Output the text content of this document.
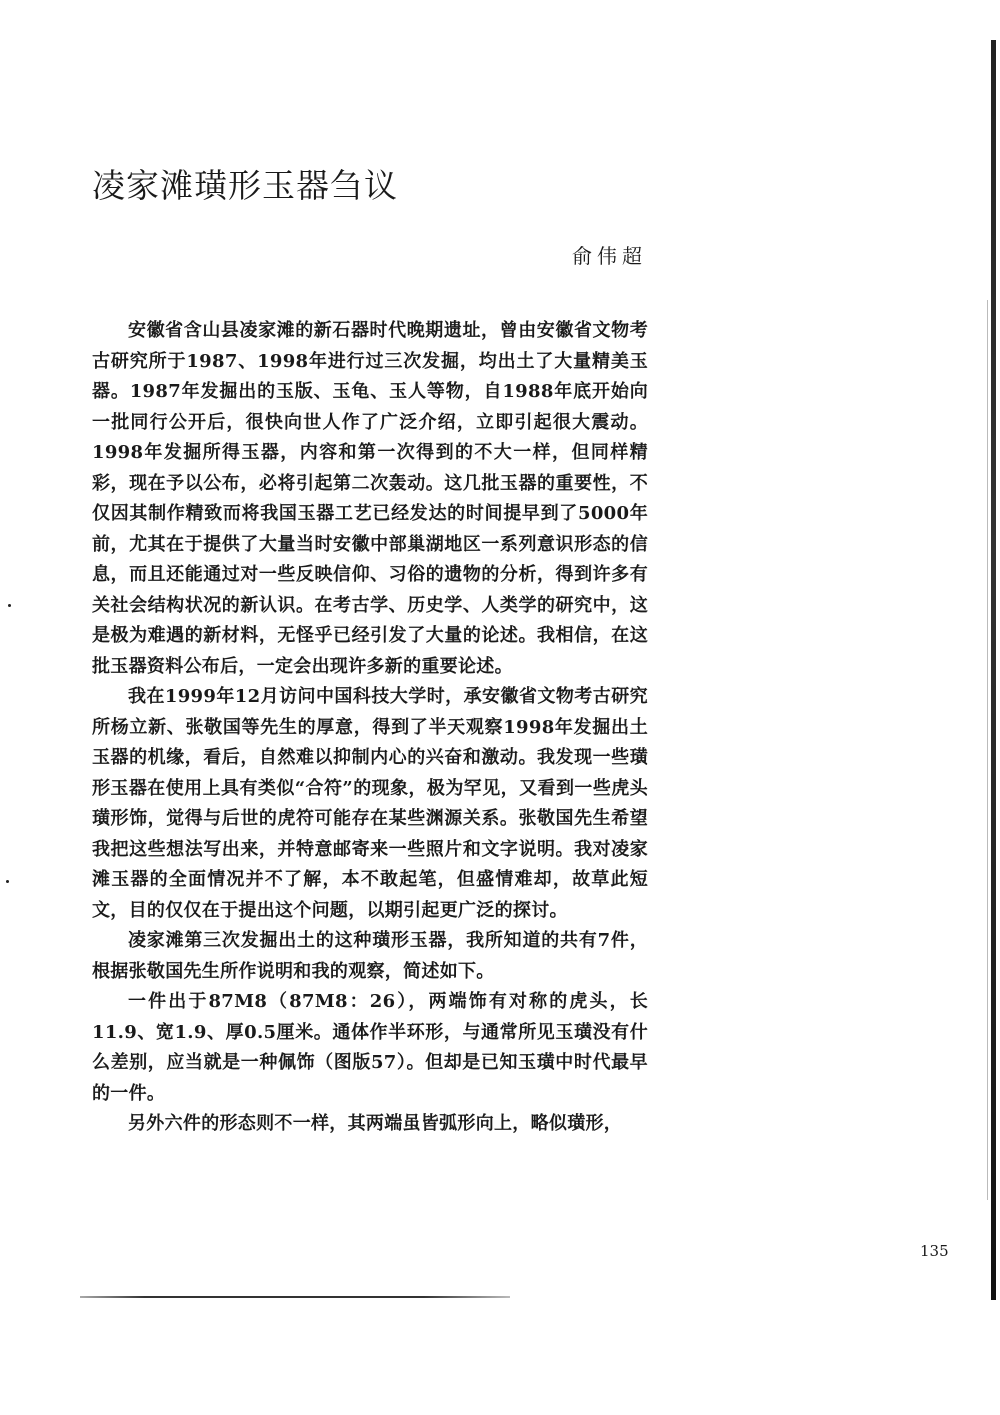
凌家滩璜形玉器刍议
俞伟超

安徽省含山县凌家滩的新石器时代晚期遗址，曾由安徽省文物考古研究所于1987、1998年进行过三次发掘，均出土了大量精美玉器。1987年发掘出的玉版、玉龟、玉人等物，自1988年底开始向一批同行公开后，很快向世人作了广泛介绍，立即引起很大震动。1998年发掘所得玉器，内容和第一次得到的不大一样，但同样精彩，现在予以公布，必将引起第二次轰动。这几批玉器的重要性，不仅因其制作精致而将我国玉器工艺已经发达的时间提早到了5000年前，尤其在于提供了大量当时安徽中部巢湖地区一系列意识形态的信息，而且还能通过对一些反映信仰、习俗的遗物的分析，得到许多有关社会结构状况的新认识。在考古学、历史学、人类学的研究中，这是极为难遇的新材料，无怪乎已经引发了大量的论述。我相信，在这批玉器资料公布后，一定会出现许多新的重要论述。

我在1999年12月访问中国科技大学时，承安徽省文物考古研究所杨立新、张敬国等先生的厚意，得到了半天观察1998年发掘出土玉器的机缘，看后，自然难以抑制内心的兴奋和激动。我发现一些璜形玉器在使用上具有类似“合符”的现象，极为罕见，又看到一些虎头璜形饰，觉得与后世的虎符可能存在某些渊源关系。张敬国先生希望我把这些想法写出来，并特意邮寄来一些照片和文字说明。我对凌家滩玉器的全面情况并不了解，本不敢起笔，但盛情难却，故草此短文，目的仅仅在于提出这个问题，以期引起更广泛的探讨。

凌家滩第三次发掘出土的这种璜形玉器，我所知道的共有7件，根据张敬国先生所作说明和我的观察，简述如下。

一件出于87M8（87M8：26），两端饰有对称的虎头，长11.9、宽1.9、厚0.5厘米。通体作半环形，与通常所见玉璜没有什么差别，应当就是一种佩饰（图版57）。但却是已知玉璜中时代最早的一件。

另外六件的形态则不一样，其两端虽皆弧形向上，略似璜形，

135
